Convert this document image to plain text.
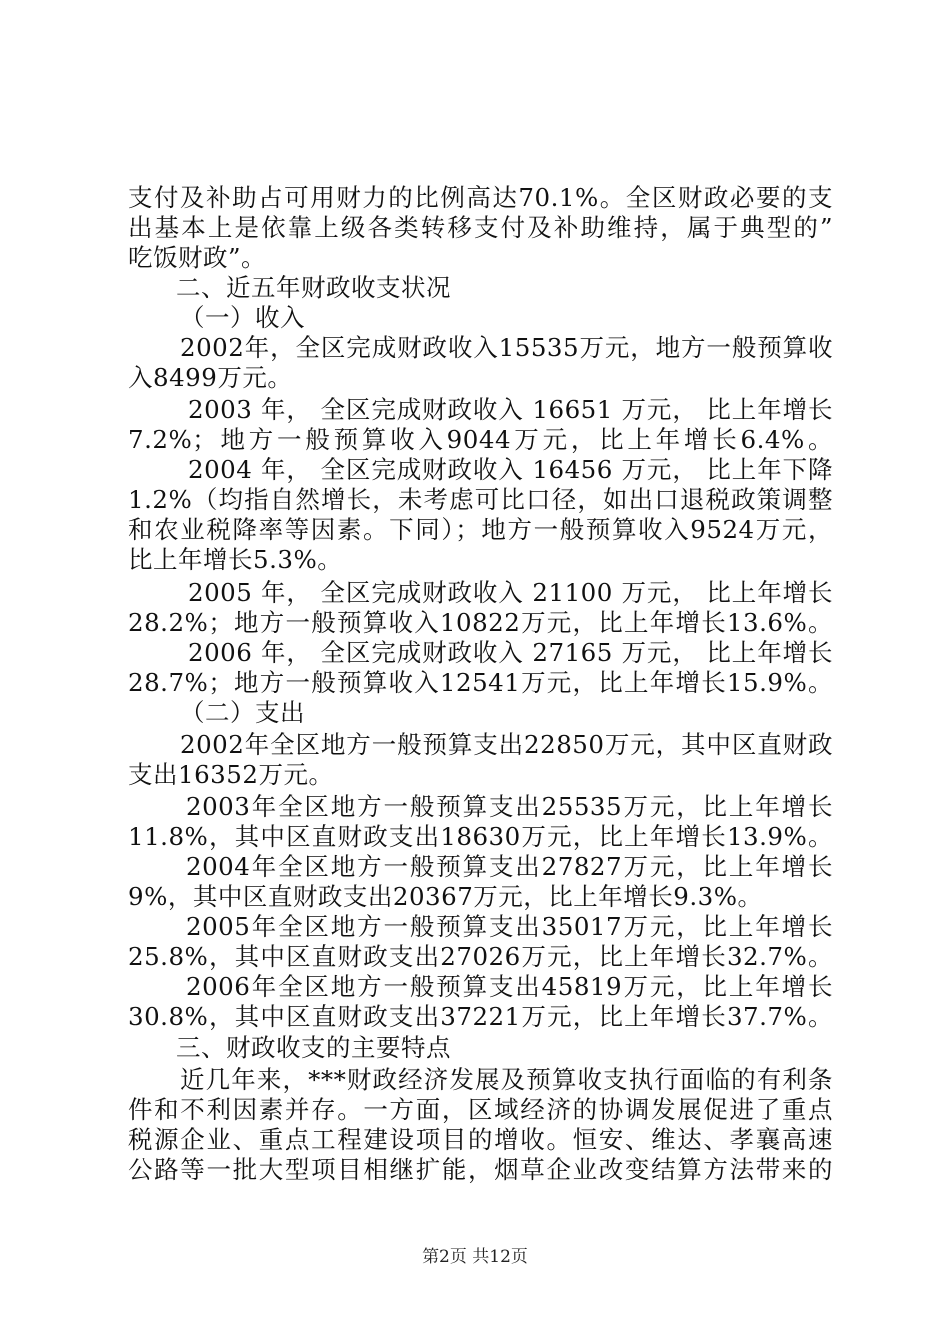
支付及补助占可用财力的比例高达70.1%。全区财政必要的支
出基本上是依靠上级各类转移支付及补助维持，属于典型的”
吃饭财政”。
二、近五年财政收支状况
（一）收入
2002年，全区完成财政收入15535万元，地方一般预算收
入8499万元。
2003 年， 全区完成财政收入 16651 万元， 比上年增长
7.2%；地方一般预算收入9044万元，比上年增长6.4%。
2004 年， 全区完成财政收入 16456 万元， 比上年下降
1.2%（均指自然增长，未考虑可比口径，如出口退税政策调整
和农业税降率等因素。下同）；地方一般预算收入9524万元，
比上年增长5.3%。
2005 年， 全区完成财政收入 21100 万元， 比上年增长
28.2%；地方一般预算收入10822万元，比上年增长13.6%。
2006 年， 全区完成财政收入 27165 万元， 比上年增长
28.7%；地方一般预算收入12541万元，比上年增长15.9%。
（二）支出
2002年全区地方一般预算支出22850万元，其中区直财政
支出16352万元。
2003年全区地方一般预算支出25535万元，比上年增长
11.8%，其中区直财政支出18630万元，比上年增长13.9%。
2004年全区地方一般预算支出27827万元，比上年增长
9%，其中区直财政支出20367万元，比上年增长9.3%。
2005年全区地方一般预算支出35017万元，比上年增长
25.8%，其中区直财政支出27026万元，比上年增长32.7%。
2006年全区地方一般预算支出45819万元，比上年增长
30.8%，其中区直财政支出37221万元，比上年增长37.7%。
三、财政收支的主要特点
近几年来，***财政经济发展及预算收支执行面临的有利条
件和不利因素并存。一方面，区域经济的协调发展促进了重点
税源企业、重点工程建设项目的增收。恒安、维达、孝襄高速
公路等一批大型项目相继扩能，烟草企业改变结算方法带来的
第2页 共12页
